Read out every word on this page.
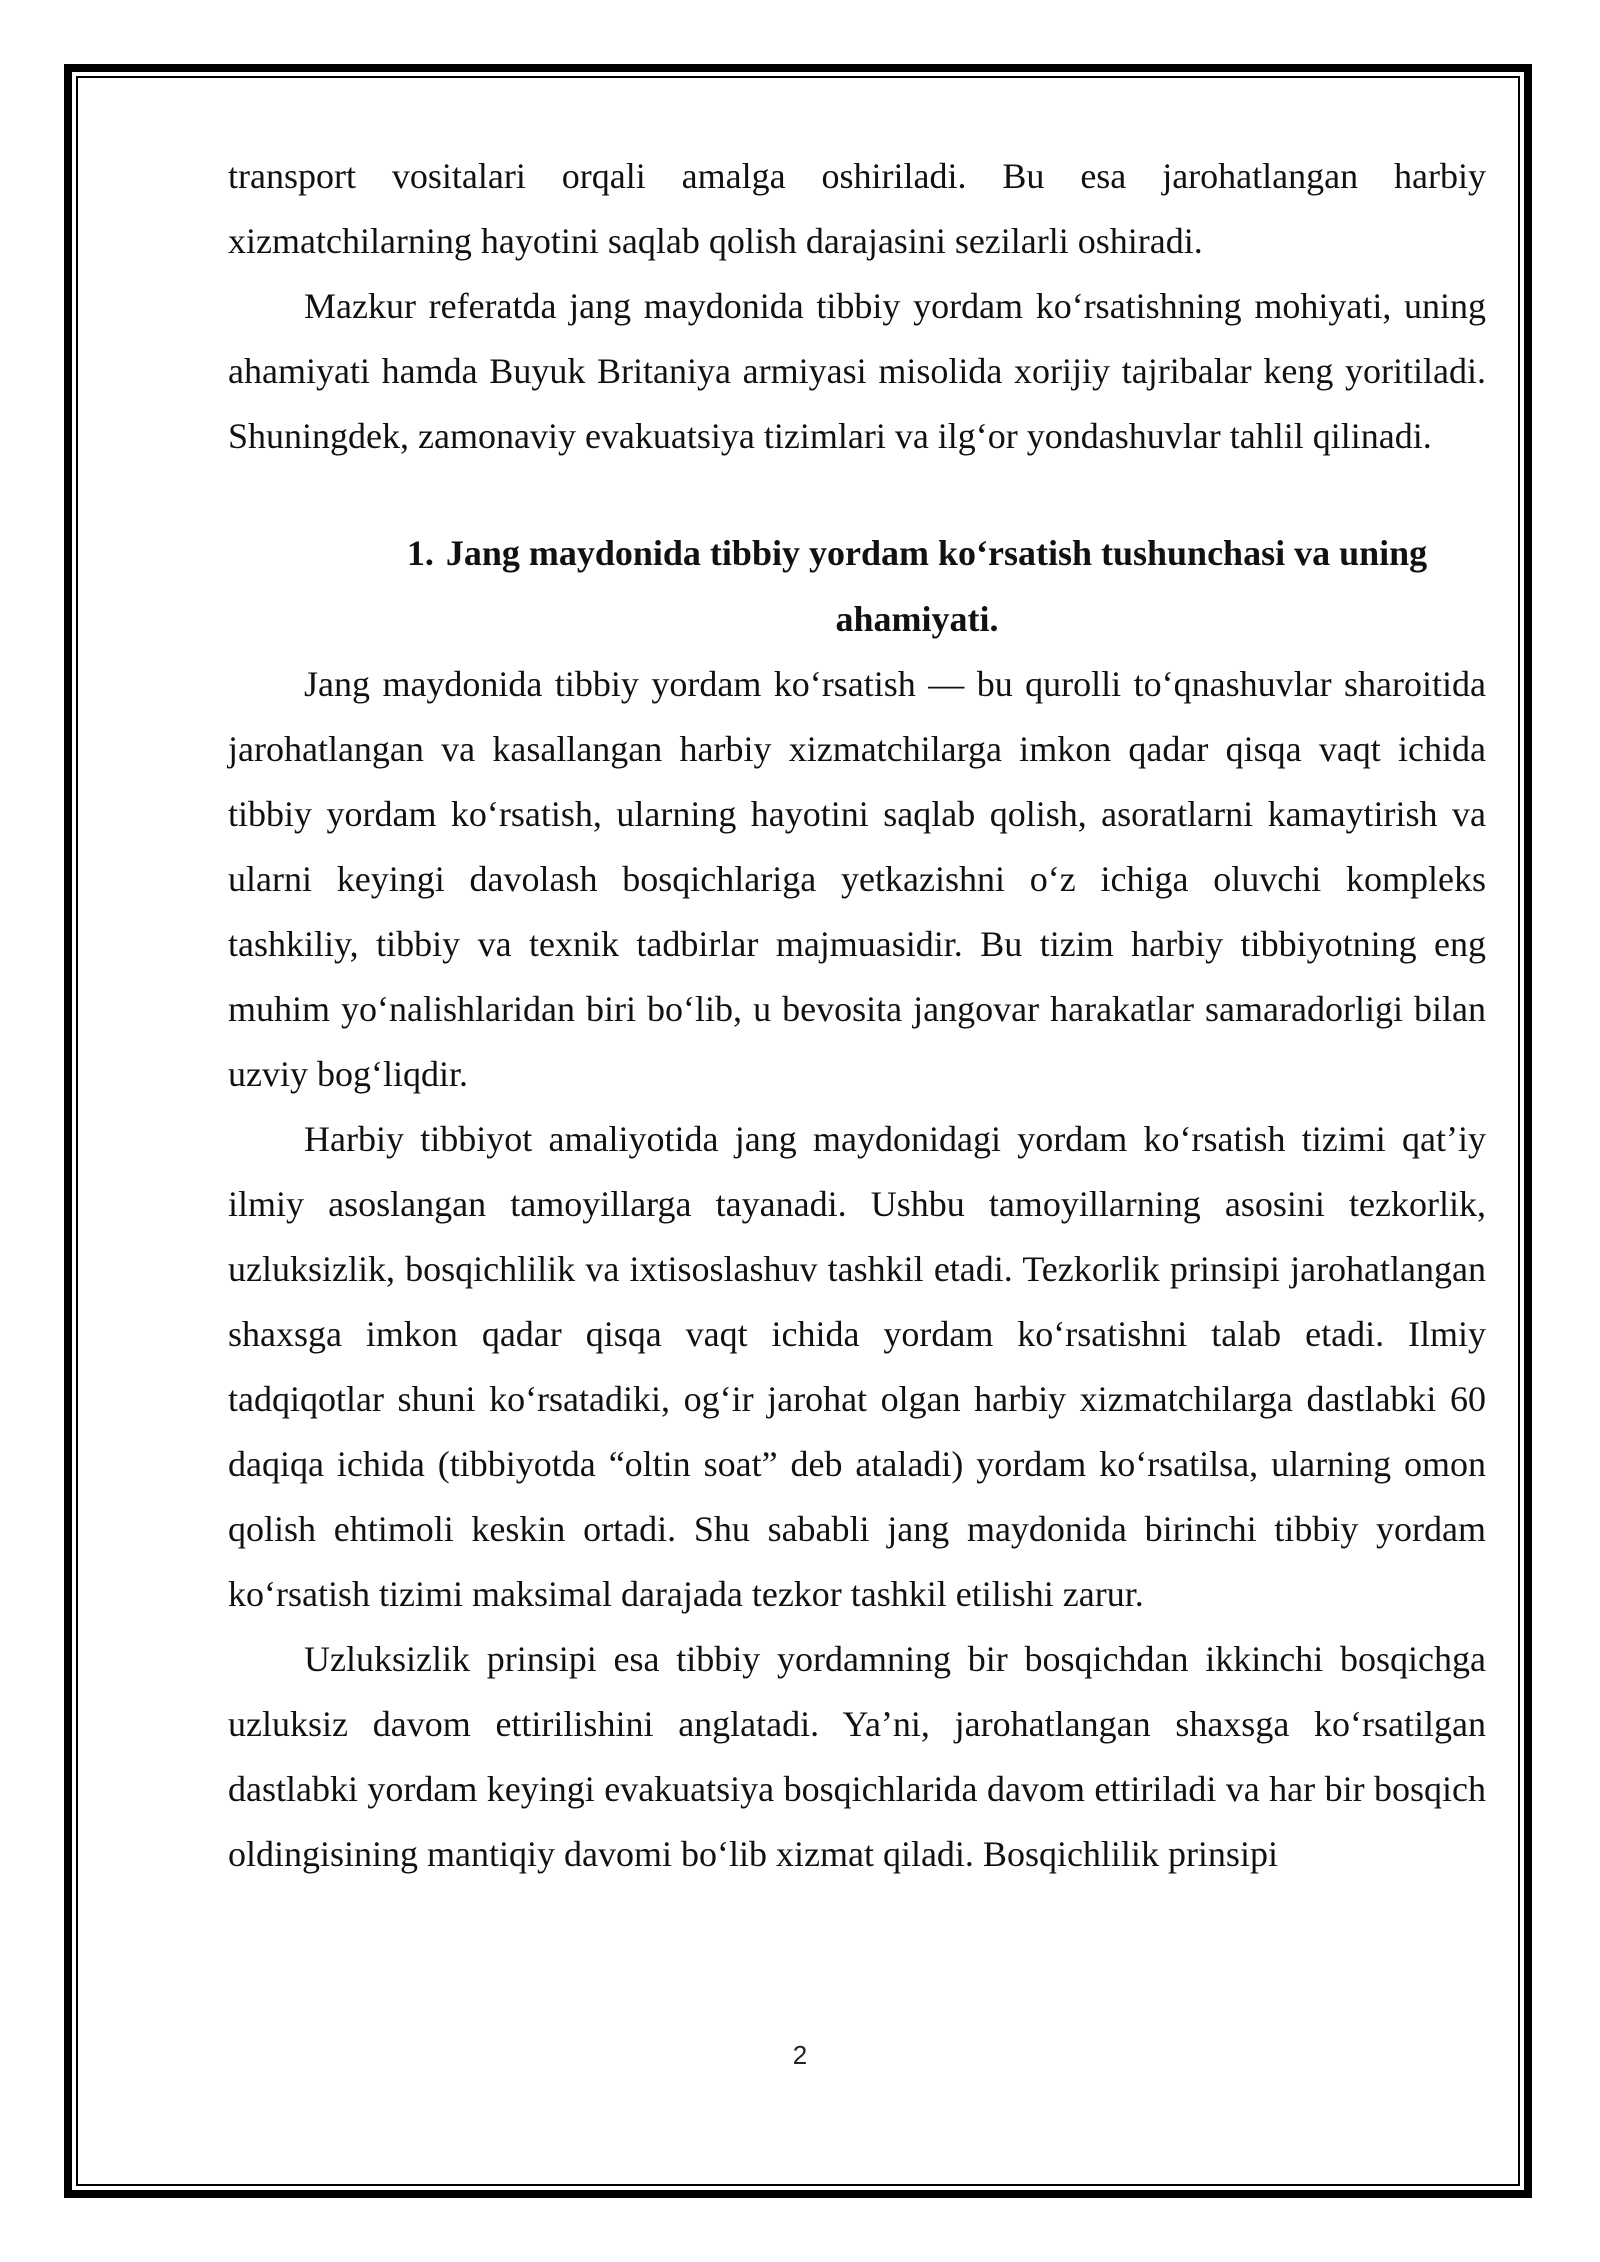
transport vositalari orqali amalga oshiriladi. Bu esa jarohatlangan harbiy xizmatchilarning hayotini saqlab qolish darajasini sezilarli oshiradi.

Mazkur referatda jang maydonida tibbiy yordam koʻrsatishning mohiyati, uning ahamiyati hamda Buyuk Britaniya armiyasi misolida xorijiy tajribalar keng yoritiladi. Shuningdek, zamonaviy evakuatsiya tizimlari va ilgʻor yondashuvlar tahlil qilinadi.

1. Jang maydonida tibbiy yordam koʻrsatish tushunchasi va uning ahamiyati.

Jang maydonida tibbiy yordam koʻrsatish — bu qurolli toʻqnashuvlar sharoitida jarohatlangan va kasallangan harbiy xizmatchilarga imkon qadar qisqa vaqt ichida tibbiy yordam koʻrsatish, ularning hayotini saqlab qolish, asoratlarni kamaytirish va ularni keyingi davolash bosqichlariga yetkazishni oʻz ichiga oluvchi kompleks tashkiliy, tibbiy va texnik tadbirlar majmuasidir. Bu tizim harbiy tibbiyotning eng muhim yoʻnalishlaridan biri boʻlib, u bevosita jangovar harakatlar samaradorligi bilan uzviy bogʻliqdir.

Harbiy tibbiyot amaliyotida jang maydonidagi yordam koʻrsatish tizimi qatʼiy ilmiy asoslangan tamoyillarga tayanadi. Ushbu tamoyillarning asosini tezkorlik, uzluksizlik, bosqichlilik va ixtisoslashuv tashkil etadi. Tezkorlik prinsipi jarohatlangan shaxsga imkon qadar qisqa vaqt ichida yordam koʻrsatishni talab etadi. Ilmiy tadqiqotlar shuni koʻrsatadiki, ogʻir jarohat olgan harbiy xizmatchilarga dastlabki 60 daqiqa ichida (tibbiyotda “oltin soat” deb ataladi) yordam koʻrsatilsa, ularning omon qolish ehtimoli keskin ortadi. Shu sababli jang maydonida birinchi tibbiy yordam koʻrsatish tizimi maksimal darajada tezkor tashkil etilishi zarur.

Uzluksizlik prinsipi esa tibbiy yordamning bir bosqichdan ikkinchi bosqichga uzluksiz davom ettirilishini anglatadi. Yaʼni, jarohatlangan shaxsga koʻrsatilgan dastlabki yordam keyingi evakuatsiya bosqichlarida davom ettiriladi va har bir bosqich oldingisining mantiqiy davomi boʻlib xizmat qiladi. Bosqichlilik prinsipi

2
